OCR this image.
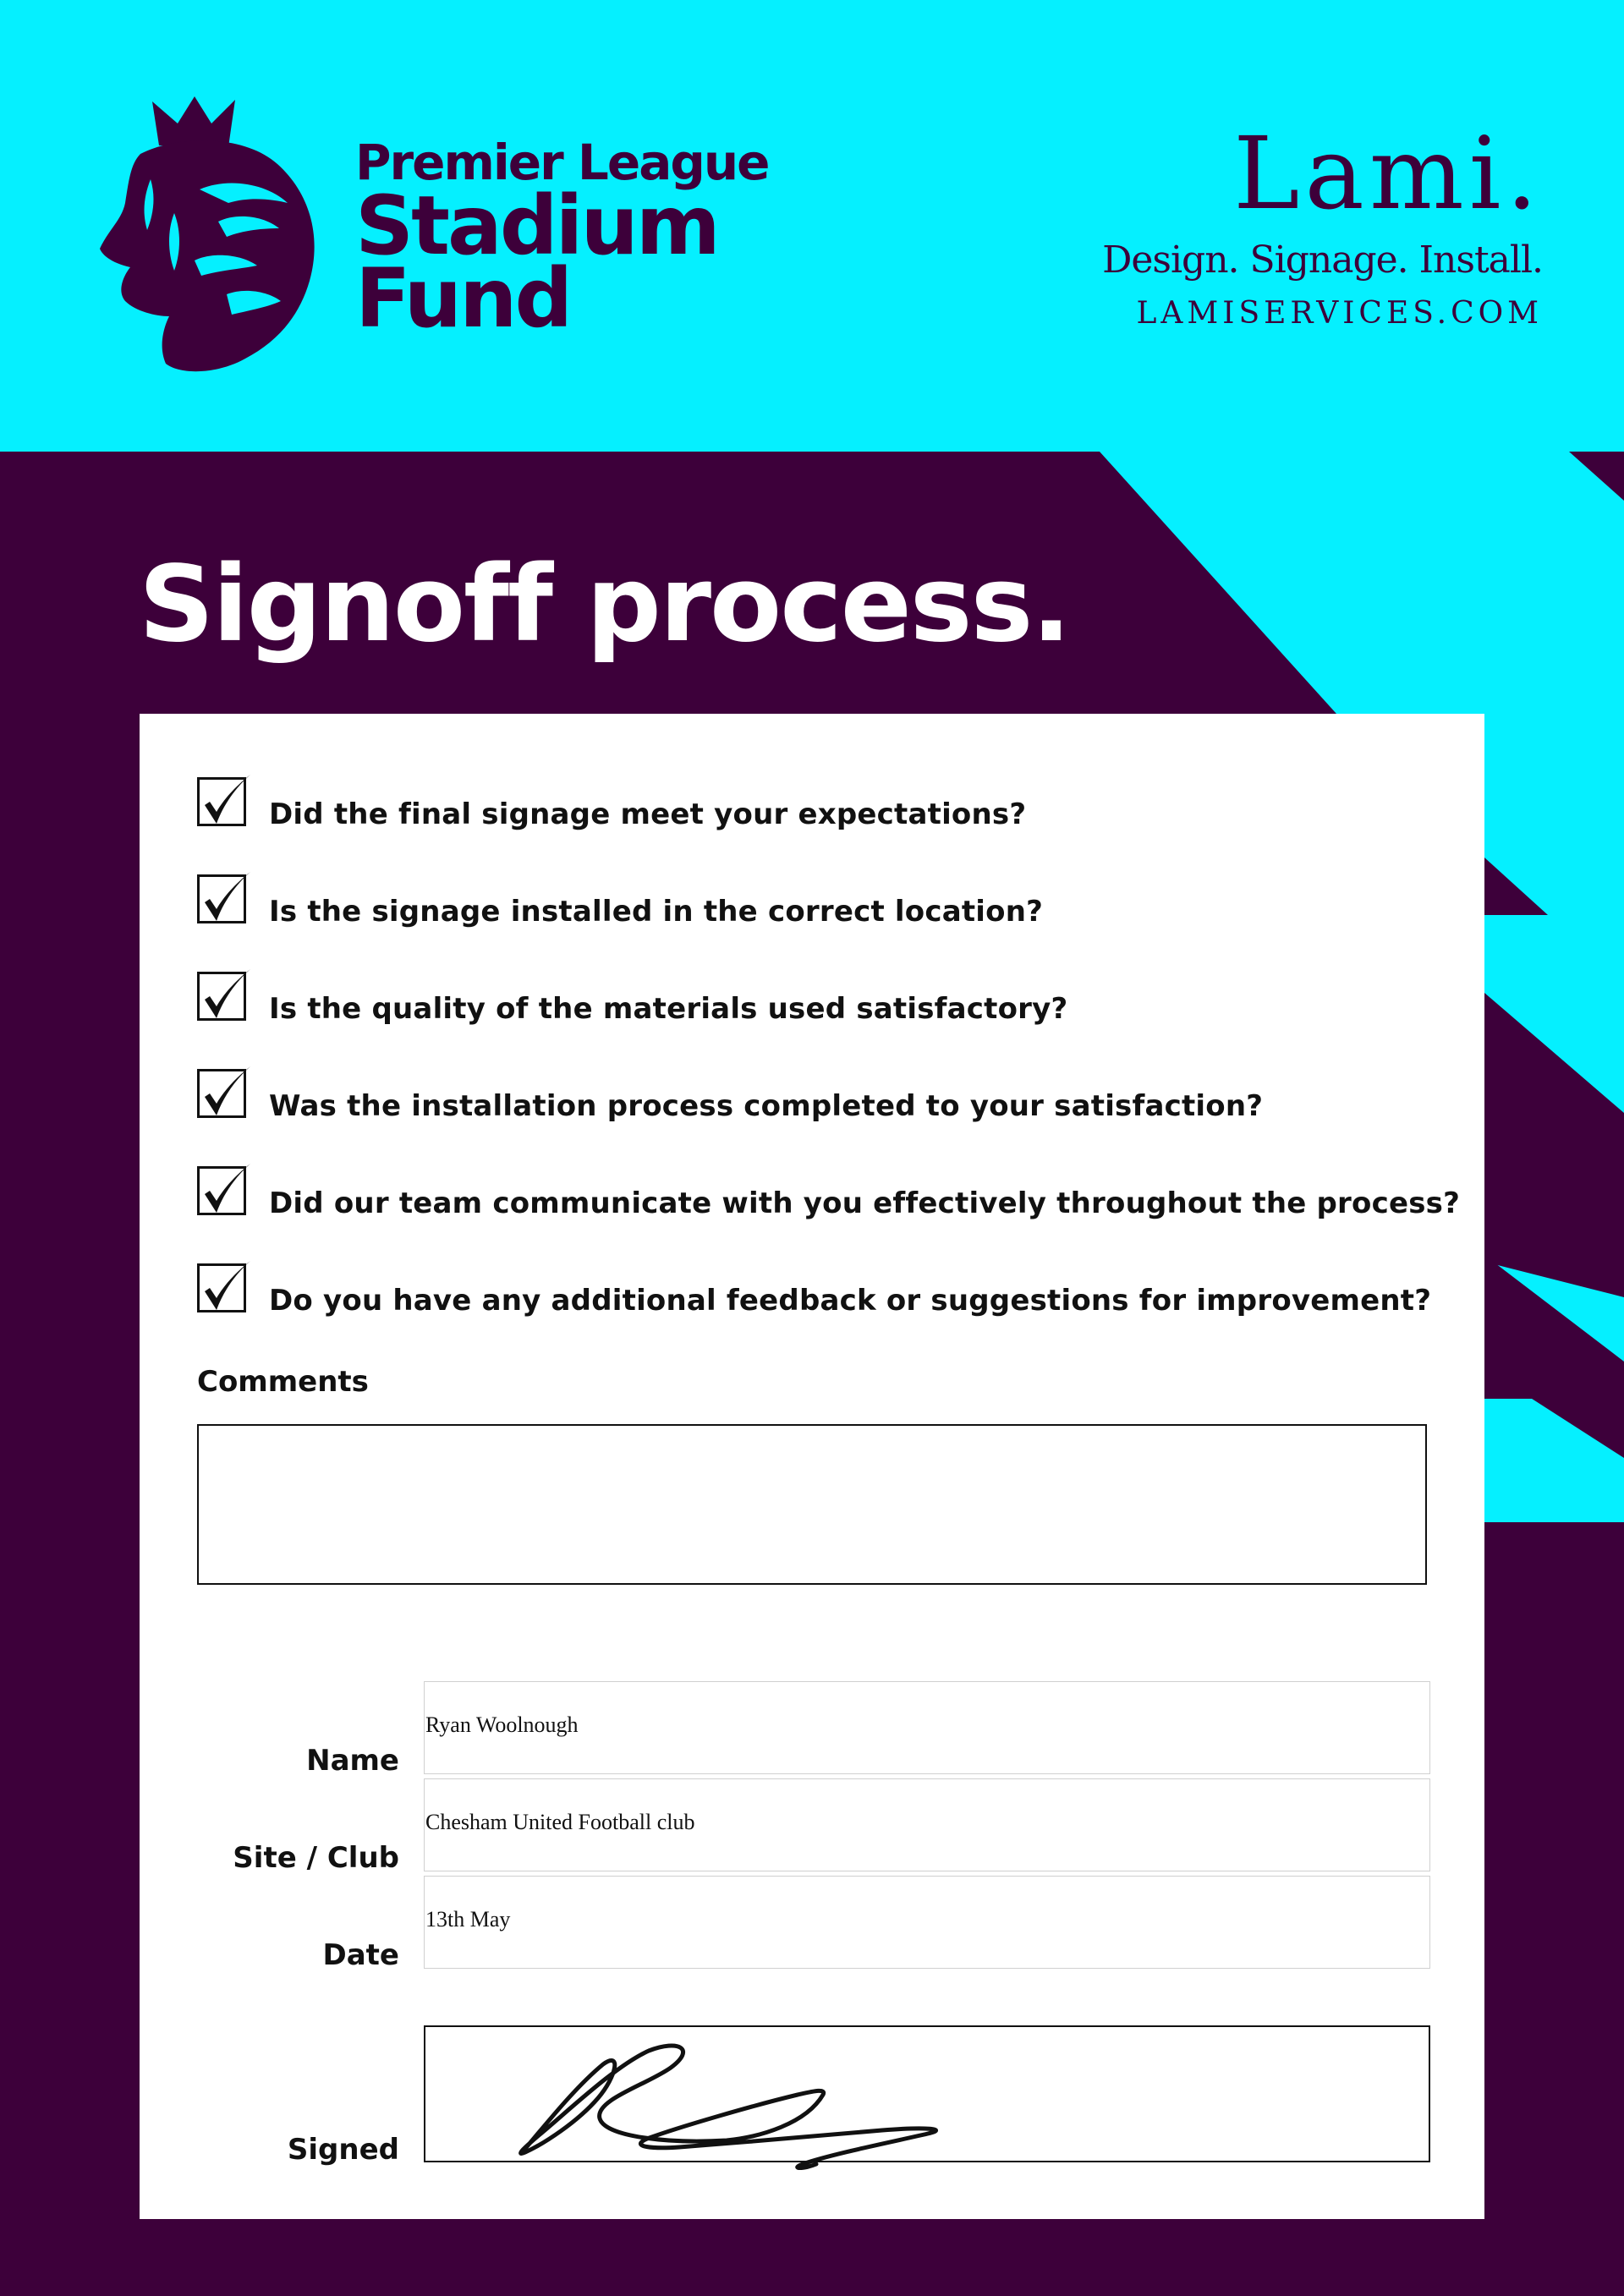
Premier League
Stadium
Fund
Lami.
Design. Signage. Install.
LAMISERVICES.COM
Signoff process.
Did the final signage meet your expectations?
Is the signage installed in the correct location?
Is the quality of the materials used satisfactory?
Was the installation process completed to your satisfaction?
Did our team communicate with you effectively throughout the process?
Do you have any additional feedback or suggestions for improvement?
Comments
Name
Ryan Woolnough
Site / Club
Chesham United Football club
Date
13th May
Signed
